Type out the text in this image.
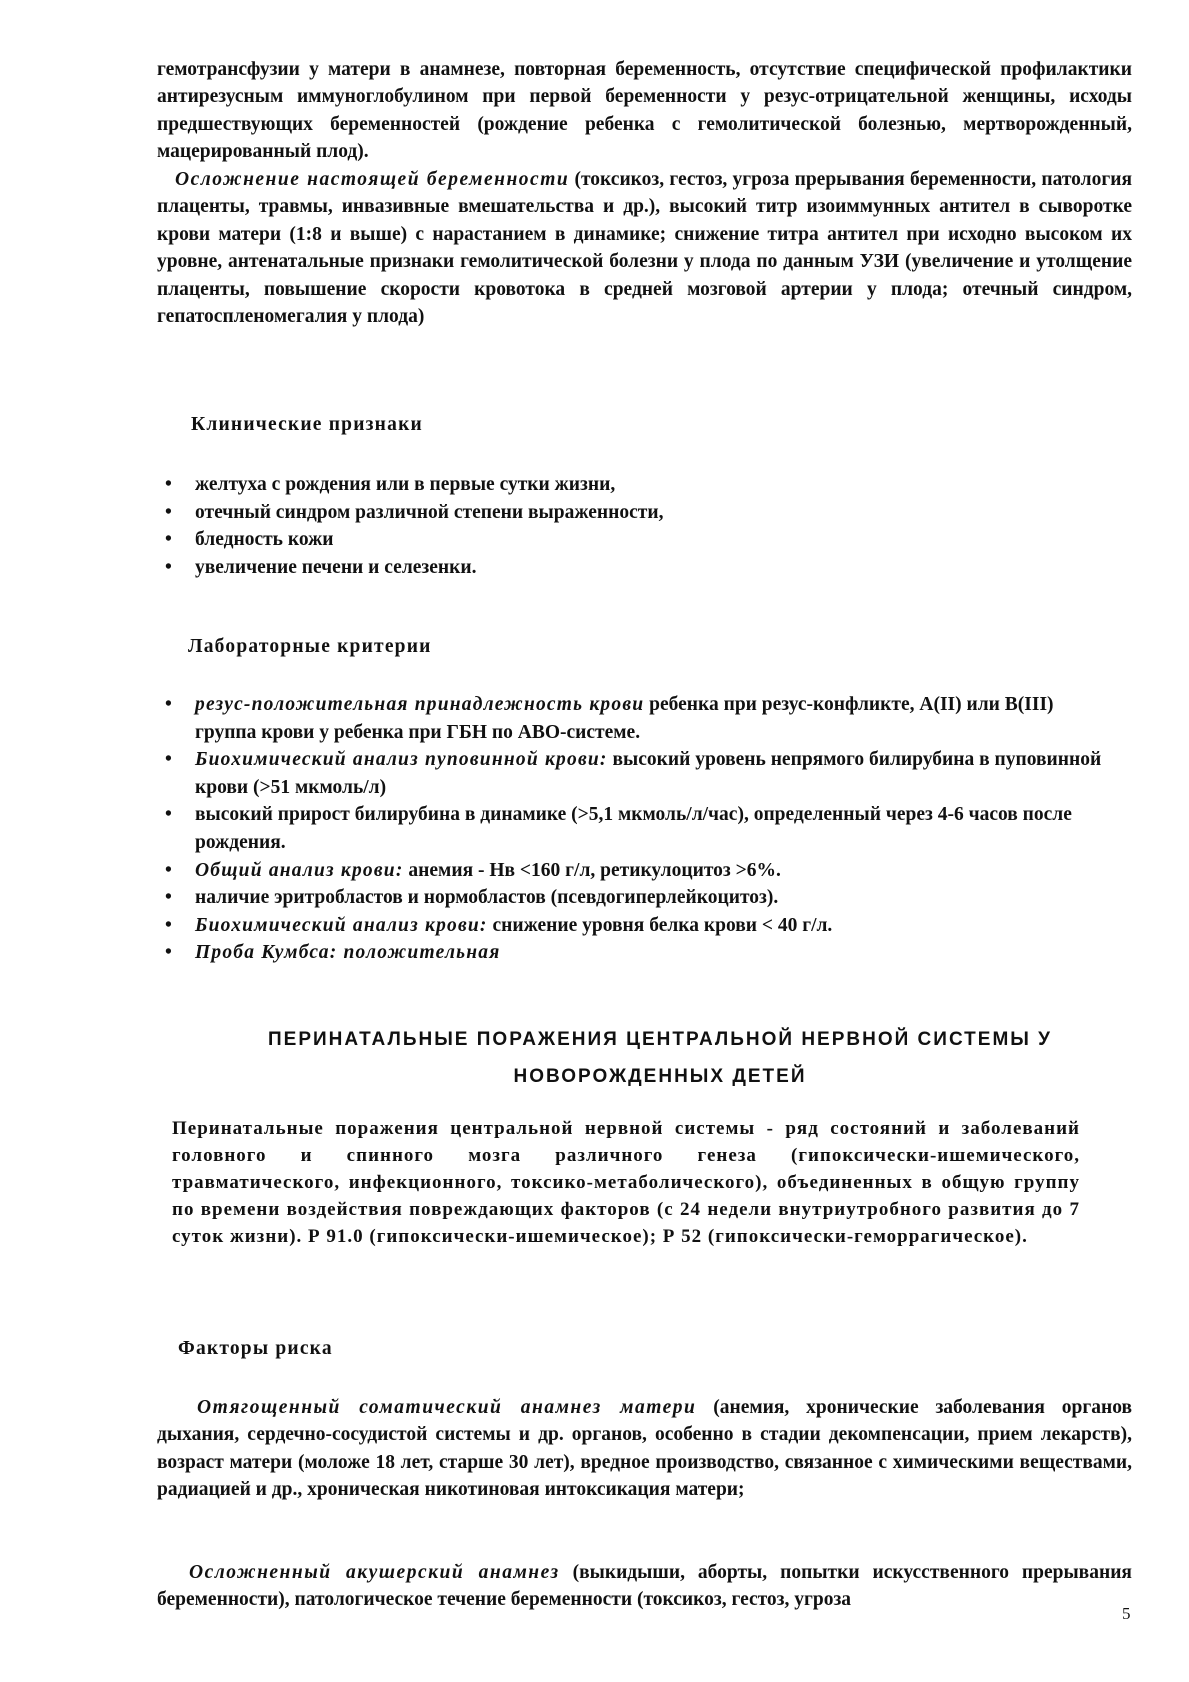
гемотрансфузии у матери в анамнезе, повторная беременность, отсутствие специфической профилактики антирезусным иммуноглобулином при первой беременности у резус-отрицательной женщины, исходы предшествующих беременностей (рождение ребенка с гемолитической болезнью, мертворожденный, мацерированный плод).

Осложнение настоящей беременности (токсикоз, гестоз, угроза прерывания беременности, патология плаценты, травмы, инвазивные вмешательства и др.), высокий титр изоиммунных антител в сыворотке крови матери (1:8 и выше) с нарастанием в динамике; снижение титра антител при исходно высоком их уровне, антенатальные признаки гемолитической болезни у плода по данным УЗИ (увеличение и утолщение плаценты, повышение скорости кровотока в средней мозговой артерии у плода; отечный синдром, гепатоспленомегалия у плода)

Клинические признаки
• желтуха с рождения или в первые сутки жизни,
• отечный синдром различной степени выраженности,
• бледность кожи
• увеличение печени и селезенки.
Лабораторные критерии
• резус-положительная принадлежность крови ребенка при резус-конфликте, А(II) или В(III) группа крови у ребенка при ГБН по АВО-системе.
• Биохимический анализ пуповинной крови: высокий уровень непрямого билирубина в пуповинной крови (>51 мкмоль/л)
• высокий прирост билирубина в динамике (>5,1 мкмоль/л/час), определенный через 4-6 часов после рождения.
• Общий анализ крови: анемия - Нв <160 г/л, ретикулоцитоз >6%.
• наличие эритробластов и нормобластов (псевдогиперлейкоцитоз).
• Биохимический анализ крови: снижение уровня белка крови < 40 г/л.
• Проба Кумбса: положительная
ПЕРИНАТАЛЬНЫЕ ПОРАЖЕНИЯ ЦЕНТРАЛЬНОЙ НЕРВНОЙ СИСТЕМЫ У
НОВОРОЖДЕННЫХ ДЕТЕЙ

Перинатальные поражения центральной нервной системы - ряд состояний и заболеваний головного и спинного мозга различного генеза (гипоксически-ишемического, травматического, инфекционного, токсико-метаболического), объединенных в общую группу по времени воздействия повреждающих факторов (с 24 недели внутриутробного развития до 7 суток жизни). Р 91.0 (гипоксически-ишемическое); Р 52 (гипоксически-геморрагическое).

Факторы риска

Отягощенный соматический анамнез матери (анемия, хронические заболевания органов дыхания, сердечно-сосудистой системы и др. органов, особенно в стадии декомпенсации, прием лекарств), возраст матери (моложе 18 лет, старше 30 лет), вредное производство, связанное с химическими веществами, радиацией и др., хроническая никотиновая интоксикация матери;

Осложненный акушерский анамнез (выкидыши, аборты, попытки искусственного прерывания беременности), патологическое течение беременности (токсикоз, гестоз, угроза

5
